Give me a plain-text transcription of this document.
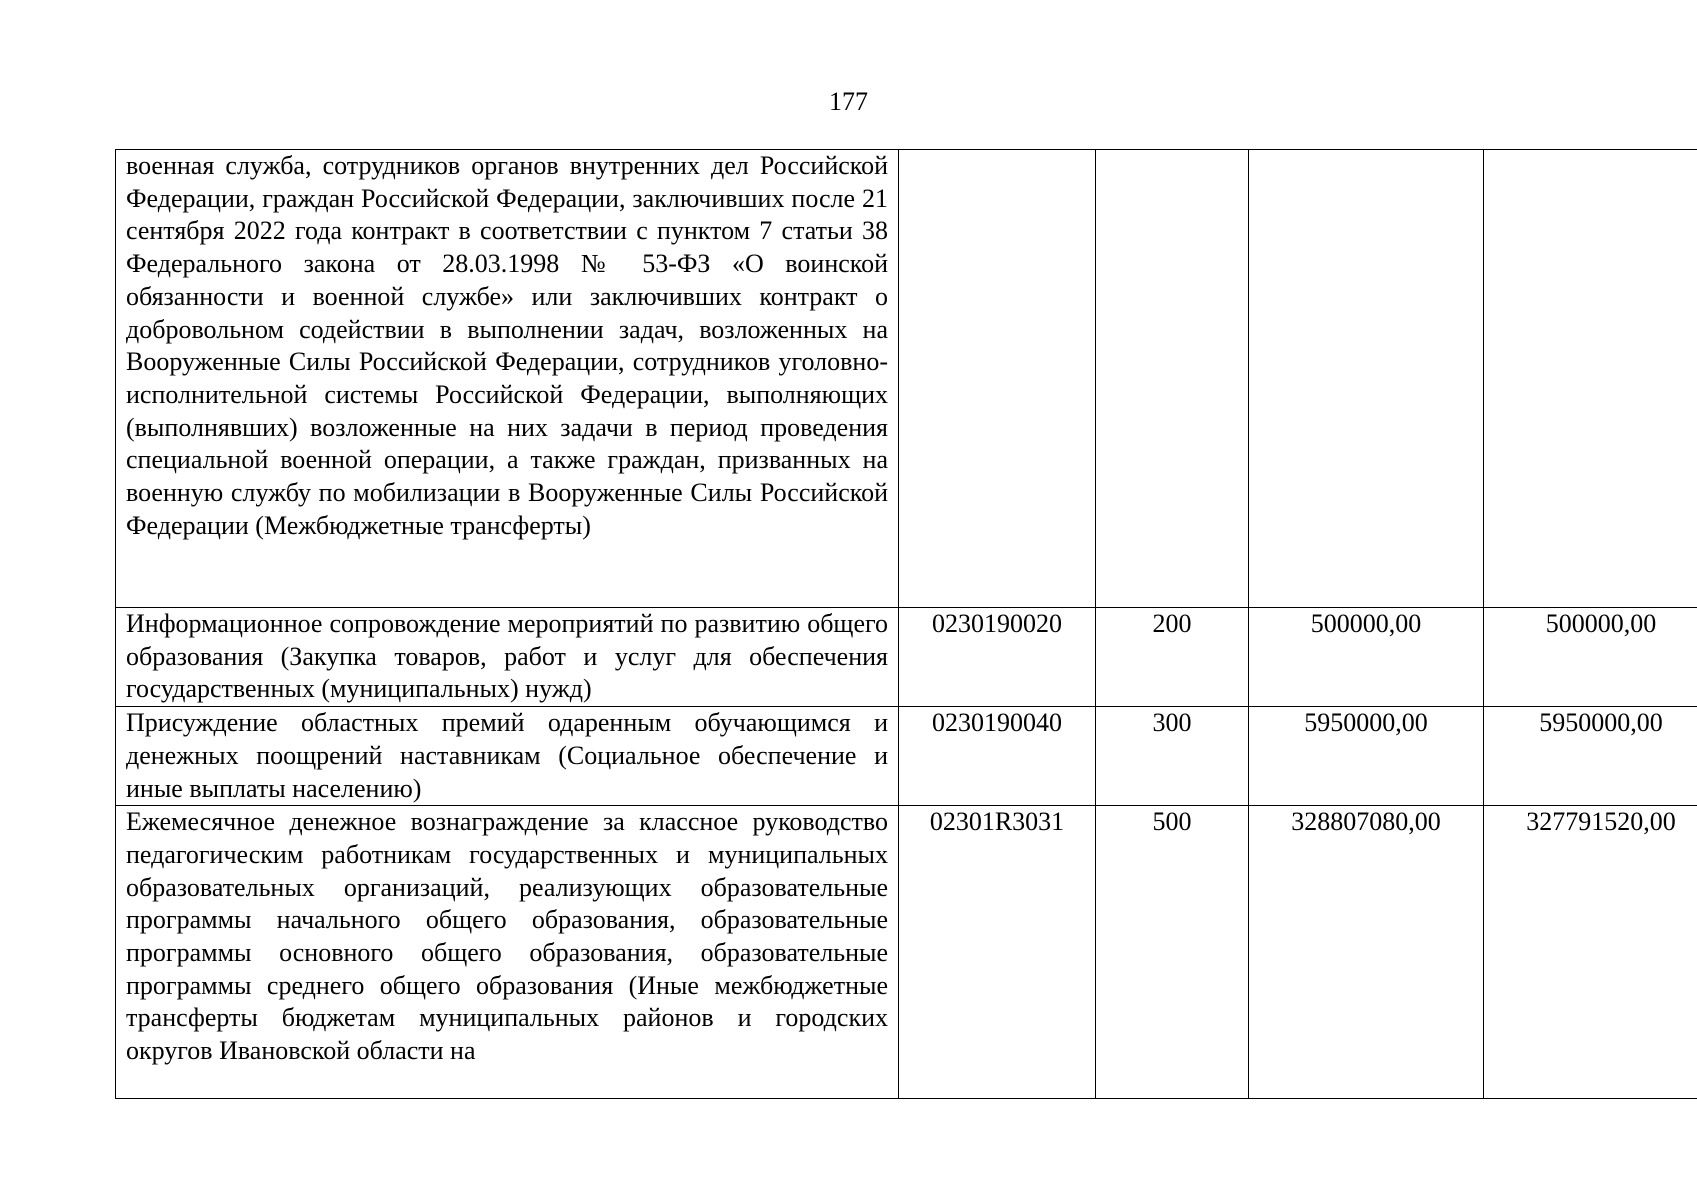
177
военная служба, сотрудников органов внутренних дел Российской Федерации, граждан Российской Федерации, заключивших после 21 сентября 2022 года контракт в соответствии с пунктом 7 статьи 38 Федерального закона от 28.03.1998 № 53-ФЗ «О воинской обязанности и военной службе» или заключивших контракт о добровольном содействии в выполнении задач, возложенных на Вооруженные Силы Российской Федерации, сотрудников уголовно-исполнительной системы Российской Федерации, выполняющих (выполнявших) возложенные на них задачи в период проведения специальной военной операции, а также граждан, призванных на военную службу по мобилизации в Вооруженные Силы Российской Федерации (Межбюджетные трансферты)				

Информационное сопровождение мероприятий по развитию общего образования (Закупка товаров, работ и услуг для обеспечения государственных (муниципальных) нужд)	0230190020	200	500000,00	500000,00

Присуждение областных премий одаренным обучающимся и денежных поощрений наставникам (Социальное обеспечение и иные выплаты населению)	0230190040	300	5950000,00	5950000,00

Ежемесячное денежное вознаграждение за классное руководство педагогическим работникам государственных и муниципальных образовательных организаций, реализующих образовательные программы начального общего образования, образовательные программы основного общего образования, образовательные программы среднего общего образования (Иные межбюджетные трансферты бюджетам муниципальных районов и городских округов Ивановской области на	02301R3031	500	328807080,00	327791520,00
